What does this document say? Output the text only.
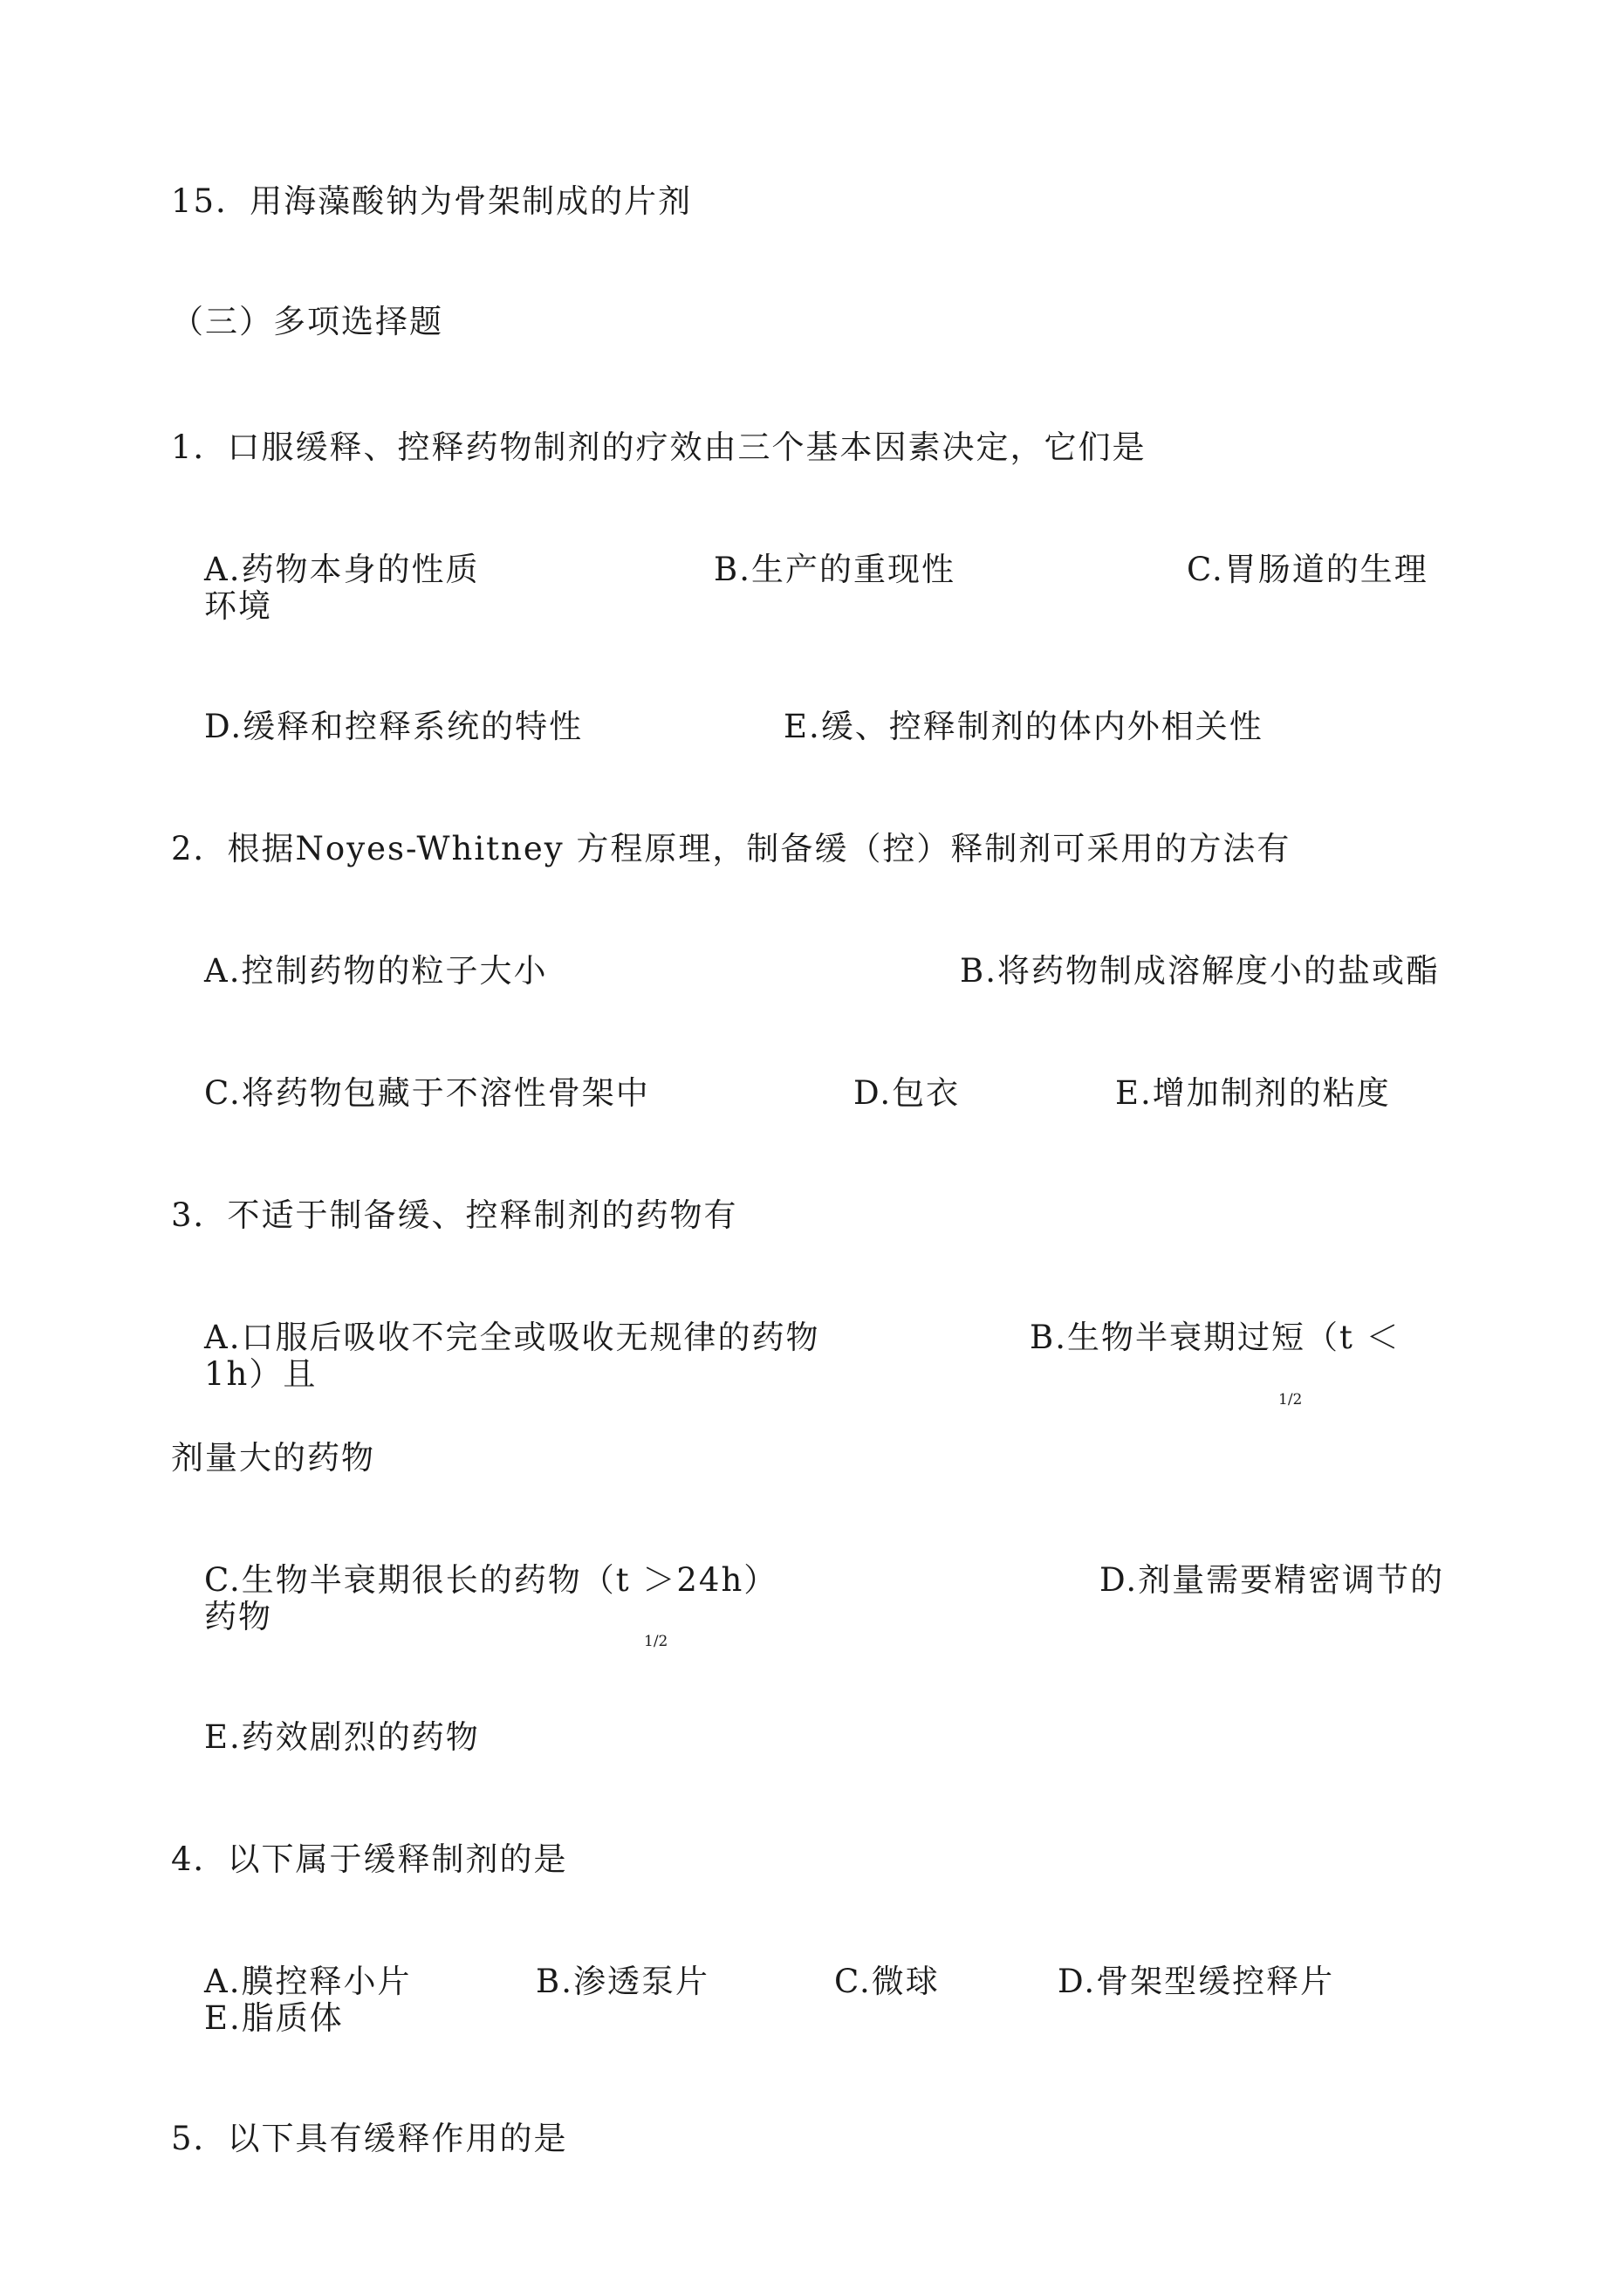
15．用海藻酸钠为骨架制成的片剂
（三）多项选择题
1．口服缓释、控释药物制剂的疗效由三个基本因素决定，它们是
A.药物本身的性质	B.生产的重现性	C.胃肠道的生理
环境
D.缓释和控释系统的特性	E.缓、控释制剂的体内外相关性
2．根据Noyes-Whitney 方程原理，制备缓（控）释制剂可采用的方法有
A.控制药物的粒子大小	B.将药物制成溶解度小的盐或酯
C.将药物包藏于不溶性骨架中	D.包衣	E.增加制剂的粘度
3．不适于制备缓、控释制剂的药物有
A.口服后吸收不完全或吸收无规律的药物	B.生物半衰期过短（t ＜
1h）且
1/2
剂量大的药物
C.生物半衰期很长的药物（t ＞24h）
1/2
D.剂量需要精密调节的
药物
E.药效剧烈的药物
4．以下属于缓释制剂的是
A.膜控释小片	B.渗透泵片	C.微球	D.骨架型缓控释片
E.脂质体
5．以下具有缓释作用的是
